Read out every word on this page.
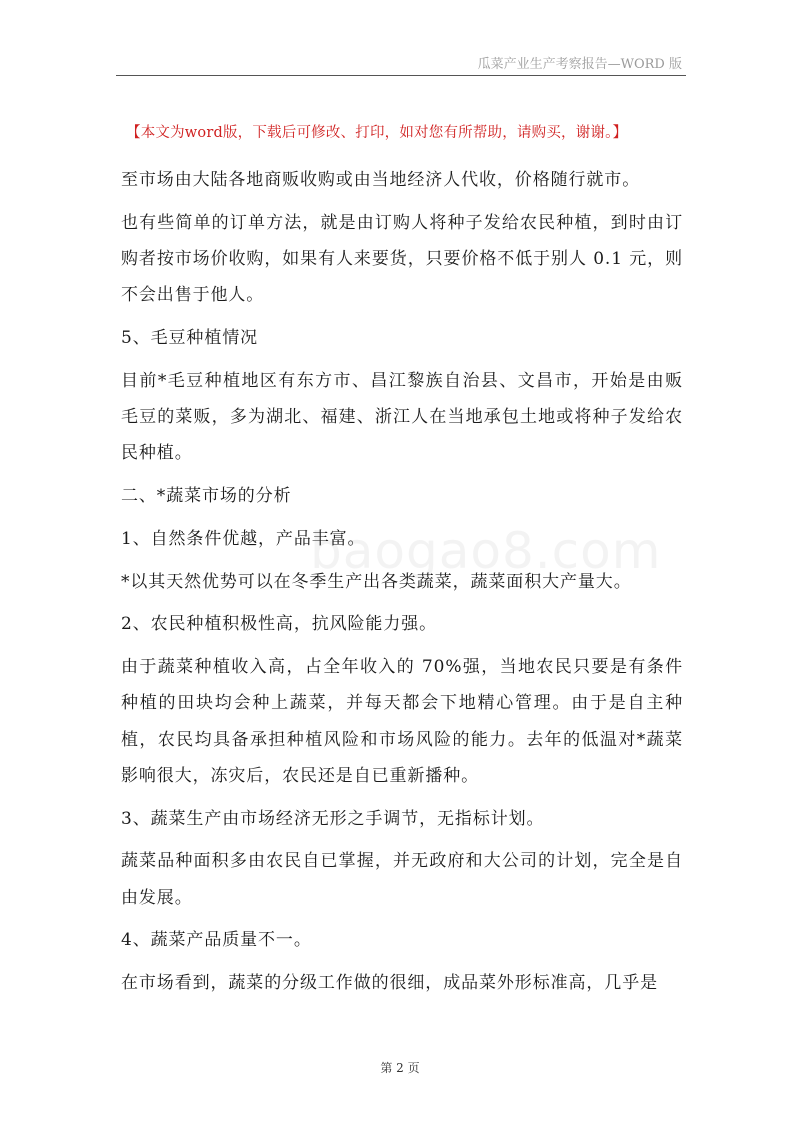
瓜菜产业生产考察报告—WORD 版
【本文为word版，下载后可修改、打印，如对您有所帮助，请购买，谢谢。】
baogao8.com

至市场由大陆各地商贩收购或由当地经济人代收，价格随行就市。

也有些简单的订单方法，就是由订购人将种子发给农民种植，到时由订购者按市场价收购，如果有人来要货，只要价格不低于别人 0.1 元，则不会出售于他人。

5、毛豆种植情况

目前*毛豆种植地区有东方市、昌江黎族自治县、文昌市，开始是由贩毛豆的菜贩，多为湖北、福建、浙江人在当地承包土地或将种子发给农民种植。

二、*蔬菜市场的分析

1、自然条件优越，产品丰富。

*以其天然优势可以在冬季生产出各类蔬菜，蔬菜面积大产量大。

2、农民种植积极性高，抗风险能力强。

由于蔬菜种植收入高，占全年收入的 70%强，当地农民只要是有条件种植的田块均会种上蔬菜，并每天都会下地精心管理。由于是自主种植，农民均具备承担种植风险和市场风险的能力。去年的低温对*蔬菜影响很大，冻灾后，农民还是自已重新播种。

3、蔬菜生产由市场经济无形之手调节，无指标计划。

蔬菜品种面积多由农民自已掌握，并无政府和大公司的计划，完全是自由发展。

4、蔬菜产品质量不一。

在市场看到，蔬菜的分级工作做的很细，成品菜外形标准高，几乎是

第 2 页
